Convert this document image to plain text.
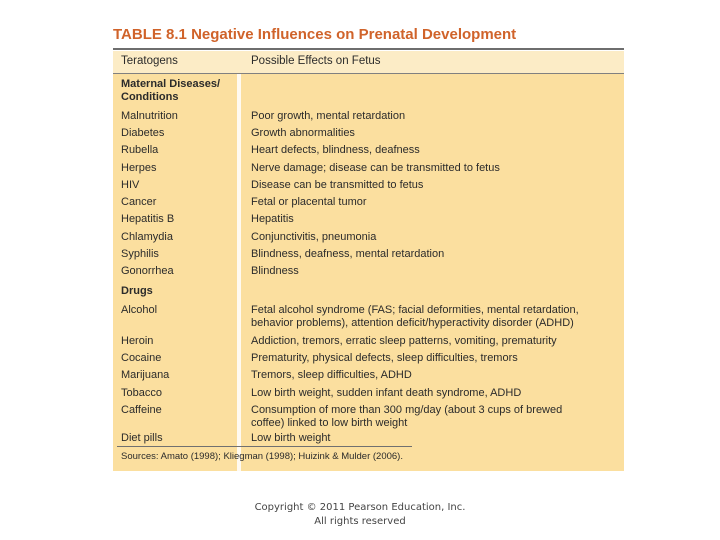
TABLE 8.1 Negative Influences on Prenatal Development
Teratogens	Possible Effects on Fetus
Maternal Diseases/
Conditions
Malnutrition	Poor growth, mental retardation
Diabetes	Growth abnormalities
Rubella	Heart defects, blindness, deafness
Herpes	Nerve damage; disease can be transmitted to fetus
HIV	Disease can be transmitted to fetus
Cancer	Fetal or placental tumor
Hepatitis B	Hepatitis
Chlamydia	Conjunctivitis, pneumonia
Syphilis	Blindness, deafness, mental retardation
Gonorrhea	Blindness
Drugs
Alcohol	Fetal alcohol syndrome (FAS; facial deformities, mental retardation,
behavior problems), attention deficit/hyperactivity disorder (ADHD)
Heroin	Addiction, tremors, erratic sleep patterns, vomiting, prematurity
Cocaine	Prematurity, physical defects, sleep difficulties, tremors
Marijuana	Tremors, sleep difficulties, ADHD
Tobacco	Low birth weight, sudden infant death syndrome, ADHD
Caffeine	Consumption of more than 300 mg/day (about 3 cups of brewed
coffee) linked to low birth weight
Diet pills	Low birth weight
Sources: Amato (1998); Kliegman (1998); Huizink & Mulder (2006).
Copyright © 2011 Pearson Education, Inc.
All rights reserved
